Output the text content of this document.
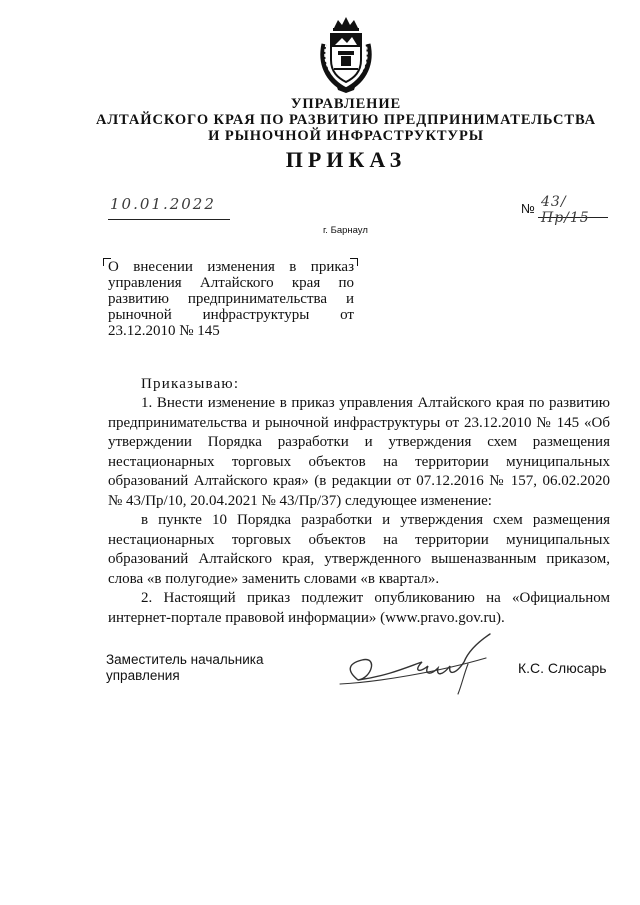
УПРАВЛЕНИЕ
АЛТАЙСКОГО КРАЯ ПО РАЗВИТИЮ ПРЕДПРИНИМАТЕЛЬСТВА
И РЫНОЧНОЙ ИНФРАСТРУКТУРЫ
ПРИКАЗ
10.01.2022	№ 43/Пр/15
г. Барнаул
О внесении изменения в приказ
управления Алтайского края по
развитию предпринимательства и
рыночной инфраструктуры от
23.12.2010 № 145
Приказываю:
1. Внести изменение в приказ управления Алтайского края по развитию
предпринимательства и рыночной инфраструктуры от 23.12.2010 № 145 «Об
утверждении Порядка разработки и утверждения схем размещения
нестационарных торговых объектов на территории муниципальных
образований Алтайского края» (в редакции от 07.12.2016 № 157, 06.02.2020
№ 43/Пр/10, 20.04.2021 № 43/Пр/37) следующее изменение:
в пункте 10 Порядка разработки и утверждения схем размещения
нестационарных торговых объектов на территории муниципальных
образований Алтайского края, утвержденного вышеназванным приказом,
слова «в полугодие» заменить словами «в квартал».
2. Настоящий приказ подлежит опубликованию на «Официальном
интернет-портале правовой информации» (www.pravo.gov.ru).
Заместитель начальника
управления	К.С. Слюсарь
